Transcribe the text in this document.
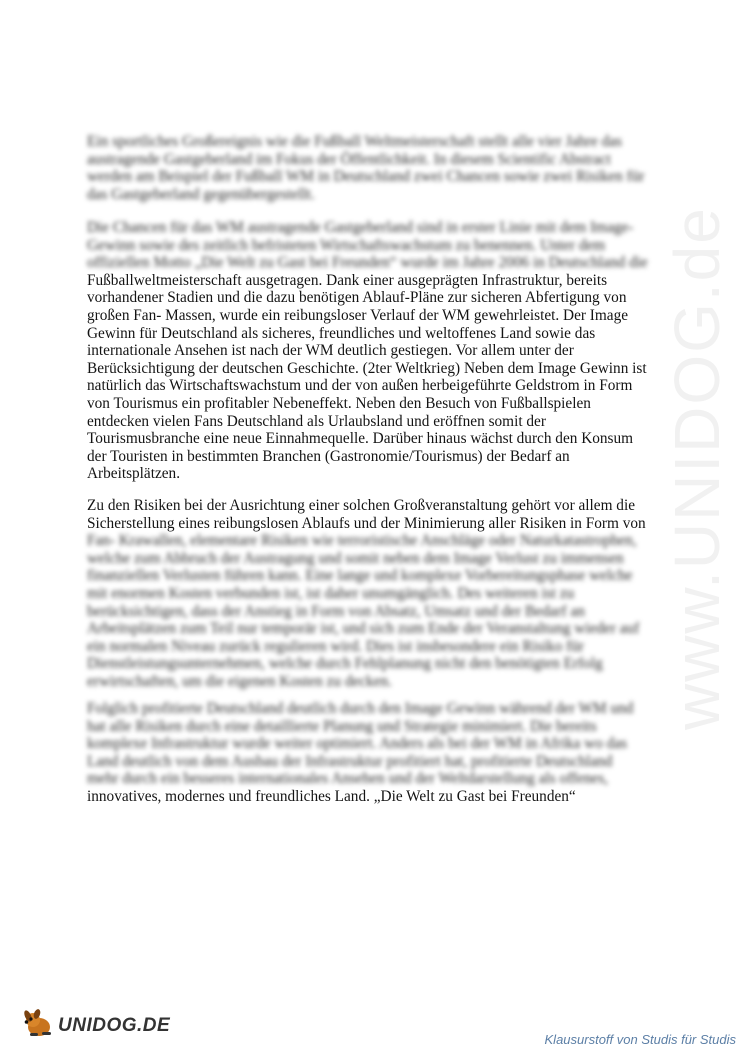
www.UNIDOG.de
Ein sportliches Großereignis wie die Fußball Weltmeisterschaft stellt alle vier Jahre das
austragende Gastgeberland im Fokus der Öffentlichkeit. In diesem Scientific Abstract
werden am Beispiel der Fußball WM in Deutschland zwei Chancen sowie zwei Risiken für
das Gastgeberland gegenübergestellt.
Die Chancen für das WM austragende Gastgeberland sind in erster Linie mit dem Image-
Gewinn sowie des zeitlich befristeten Wirtschaftswachstum zu benennen. Unter dem
offiziellen Motto „Die Welt zu Gast bei Freunden“ wurde im Jahre 2006 in Deutschland die
Fußballweltmeisterschaft ausgetragen. Dank einer ausgeprägten Infrastruktur, bereits
vorhandener Stadien und die dazu benötigen Ablauf-Pläne zur sicheren Abfertigung von
großen Fan- Massen, wurde ein reibungsloser Verlauf der WM gewehrleistet. Der Image
Gewinn für Deutschland als sicheres, freundliches und weltoffenes Land sowie das
internationale Ansehen ist nach der WM deutlich gestiegen. Vor allem unter der
Berücksichtigung der deutschen Geschichte. (2ter Weltkrieg) Neben dem Image Gewinn ist
natürlich das Wirtschaftswachstum und der von außen herbeigeführte Geldstrom in Form
von Tourismus ein profitabler Nebeneffekt. Neben den Besuch von Fußballspielen
entdecken vielen Fans Deutschland als Urlaubsland und eröffnen somit der
Tourismusbranche eine neue Einnahmequelle. Darüber hinaus wächst durch den Konsum
der Touristen in bestimmten Branchen (Gastronomie/Tourismus) der Bedarf an
Arbeitsplätzen.
Zu den Risiken bei der Ausrichtung einer solchen Großveranstaltung gehört vor allem die
Sicherstellung eines reibungslosen Ablaufs und der Minimierung aller Risiken in Form von
Fan- Krawallen, elementare Risiken wie terroristische Anschläge oder Naturkatastrophen,
welche zum Abbruch der Austragung und somit neben dem Image Verlust zu immensen
finanziellen Verlusten führen kann. Eine lange und komplexe Vorbereitungsphase welche
mit enormen Kosten verbunden ist, ist daher unumgänglich. Des weiteren ist zu
berücksichtigen, dass der Anstieg in Form von Absatz, Umsatz und der Bedarf an
Arbeitsplätzen zum Teil nur temporär ist, und sich zum Ende der Veranstaltung wieder auf
ein normalen Niveau zurück regulieren wird. Dies ist insbesondere ein Risiko für
Dienstleistungsunternehmen, welche durch Fehlplanung nicht den benötigten Erfolg
erwirtschaften, um die eigenen Kosten zu decken.
Folglich profitierte Deutschland deutlich durch den Image Gewinn während der WM und
hat alle Risiken durch eine detaillierte Planung und Strategie minimiert. Die bereits
komplexe Infrastruktur wurde weiter optimiert. Anders als bei der WM in Afrika wo das
Land deutlich von dem Ausbau der Infrastruktur profitiert hat, profitierte Deutschland
mehr durch ein besseres internationales Ansehen und der Weltdarstellung als offenes,
innovatives, modernes und freundliches Land. „Die Welt zu Gast bei Freunden“
UNIDOG.DE
Klausurstoff von Studis für Studis
